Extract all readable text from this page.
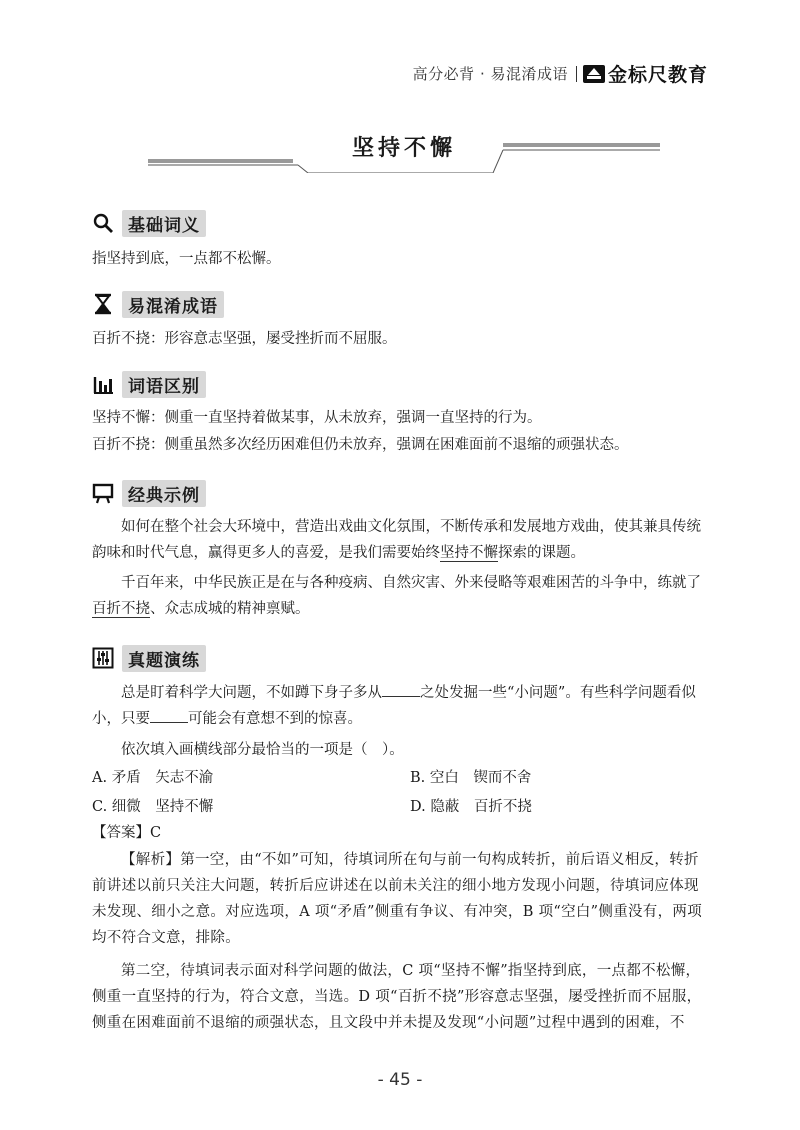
高分必背 · 易混淆成语 金标尺教育
坚持不懈
基础词义
指坚持到底，一点都不松懈。
易混淆成语
百折不挠：形容意志坚强，屡受挫折而不屈服。
词语区别
坚持不懈：侧重一直坚持着做某事，从未放弃，强调一直坚持的行为。
百折不挠：侧重虽然多次经历困难但仍未放弃，强调在困难面前不退缩的顽强状态。
经典示例
如何在整个社会大环境中，营造出戏曲文化氛围，不断传承和发展地方戏曲，使其兼具传统韵味和时代气息，赢得更多人的喜爱，是我们需要始终坚持不懈探索的课题。
千百年来，中华民族正是在与各种疫病、自然灾害、外来侵略等艰难困苦的斗争中，练就了百折不挠、众志成城的精神禀赋。
真题演练
总是盯着科学大问题，不如蹲下身子多从	之处发掘一些“小问题”。有些科学问题看似小，只要	可能会有意想不到的惊喜。
依次填入画横线部分最恰当的一项是（　）。
A. 矛盾　矢志不渝	B. 空白　锲而不舍
C. 细微　坚持不懈	D. 隐蔽　百折不挠
【答案】C
【解析】第一空，由“不如”可知，待填词所在句与前一句构成转折，前后语义相反，转折前讲述以前只关注大问题，转折后应讲述在以前未关注的细小地方发现小问题，待填词应体现未发现、细小之意。对应选项，A 项“矛盾”侧重有争议、有冲突，B 项“空白”侧重没有，两项均不符合文意，排除。
第二空，待填词表示面对科学问题的做法，C 项“坚持不懈”指坚持到底，一点都不松懈，侧重一直坚持的行为，符合文意，当选。D 项“百折不挠”形容意志坚强，屡受挫折而不屈服，侧重在困难面前不退缩的顽强状态，且文段中并未提及发现“小问题”过程中遇到的困难，不
- 45 -
